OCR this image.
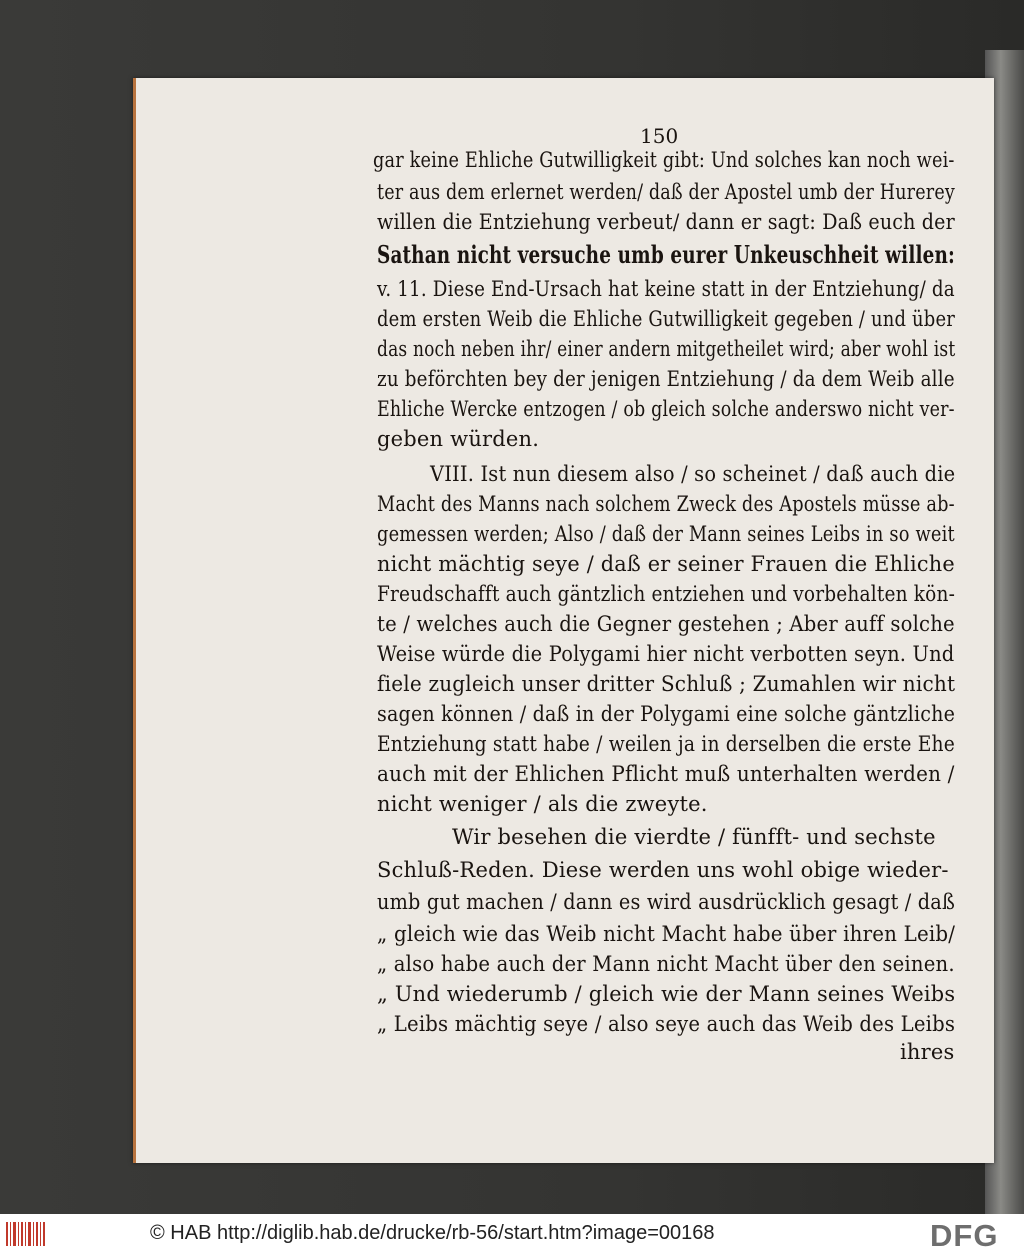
150
gar keine Ehliche Gutwilligkeit gibt: Und solches kan noch wei-
ter aus dem erlernet werden/ daß der Apostel umb der Hurerey
willen die Entziehung verbeut/ dann er sagt: Daß euch der
Sathan nicht versuche umb eurer Unkeuschheit willen:
v. 11. Diese End-Ursach hat keine statt in der Entziehung/ da
dem ersten Weib die Ehliche Gutwilligkeit gegeben / und über
das noch neben ihr/ einer andern mitgetheilet wird; aber wohl ist
zu beförchten bey der jenigen Entziehung / da dem Weib alle
Ehliche Wercke entzogen / ob gleich solche anderswo nicht ver-
geben würden.
VIII. Ist nun diesem also / so scheinet / daß auch die
Macht des Manns nach solchem Zweck des Apostels müsse ab-
gemessen werden; Also / daß der Mann seines Leibs in so weit
nicht mächtig seye / daß er seiner Frauen die Ehliche
Freudschafft auch gäntzlich entziehen und vorbehalten kön-
te / welches auch die Gegner gestehen ; Aber auff solche
Weise würde die Polygami hier nicht verbotten seyn. Und
fiele zugleich unser dritter Schluß ; Zumahlen wir nicht
sagen können / daß in der Polygami eine solche gäntzliche
Entziehung statt habe / weilen ja in derselben die erste Ehe
auch mit der Ehlichen Pflicht muß unterhalten werden /
nicht weniger / als die zweyte.
Wir besehen die vierdte / fünfft- und sechste
Schluß-Reden. Diese werden uns wohl obige wieder-
umb gut machen / dann es wird ausdrücklich gesagt / daß
„ gleich wie das Weib nicht Macht habe über ihren Leib/
„ also habe auch der Mann nicht Macht über den seinen.
„ Und wiederumb / gleich wie der Mann seines Weibs
„ Leibs mächtig seye / also seye auch das Weib des Leibs
ihres
© HAB http://diglib.hab.de/drucke/rb-56/start.htm?image=00168	DFG
